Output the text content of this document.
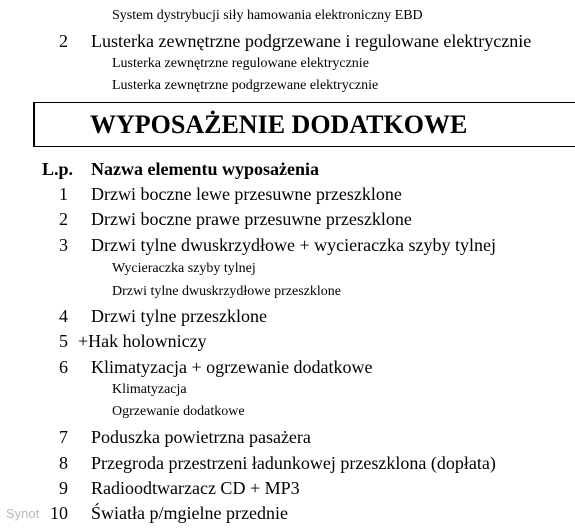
System dystrybucji siły hamowania elektroniczny EBD
2 Lusterka zewnętrzne podgrzewane i regulowane elektrycznie
Lusterka zewnętrzne regulowane elektrycznie
Lusterka zewnętrzne podgrzewane elektrycznie
WYPOSAŻENIE DODATKOWE
L.p. Nazwa elementu wyposażenia
1 Drzwi boczne lewe przesuwne przeszklone
2 Drzwi boczne prawe przesuwne przeszklone
3 Drzwi tylne dwuskrzydłowe + wycieraczka szyby tylnej
Wycieraczka szyby tylnej
Drzwi tylne dwuskrzydłowe przeszklone
4 Drzwi tylne przeszklone
5 +Hak holowniczy
6 Klimatyzacja + ogrzewanie dodatkowe
Klimatyzacja
Ogrzewanie dodatkowe
7 Poduszka powietrzna pasażera
8 Przegroda przestrzeni ładunkowej przeszklona (dopłata)
9 Radioodtwarzacz CD + MP3
10 Światła p/mgielne przednie
Synot
